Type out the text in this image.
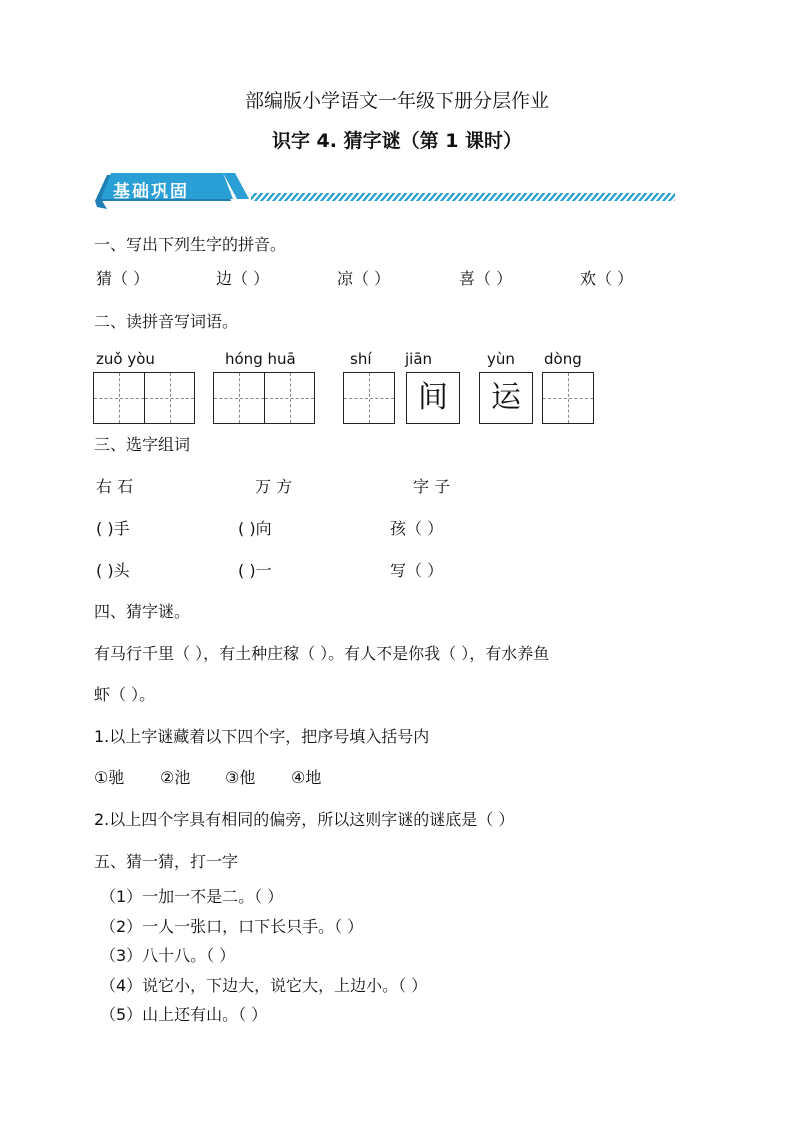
部编版小学语文一年级下册分层作业
识字 4. 猜字谜（第 1 课时）
基础巩固
一、写出下列生字的拼音。
猜（ ）	边（ ）	凉（ ）	喜（ ）	欢（ ）
二、读拼音写词语。
zuǒ yòu	hóng huā	shí jiān	yùn dòng
间	运
三、选字组词
右 石	万 方	字 子
( )手	( )向	孩（ ）
( )头	( )一	写（ ）
四、猜字谜。
有马行千里（ ），有土种庄稼（ ）。有人不是你我（ ），有水养鱼
虾（ ）。
1.以上字谜藏着以下四个字，把序号填入括号内
①驰 ②池 ③他 ④地
2.以上四个字具有相同的偏旁，所以这则字谜的谜底是（ ）
五、猜一猜，打一字
（1）一加一不是二。（ ）
（2）一人一张口，口下长只手。（ ）
（3）八十八。（ ）
（4）说它小，下边大，说它大，上边小。（ ）
（5）山上还有山。（ ）
